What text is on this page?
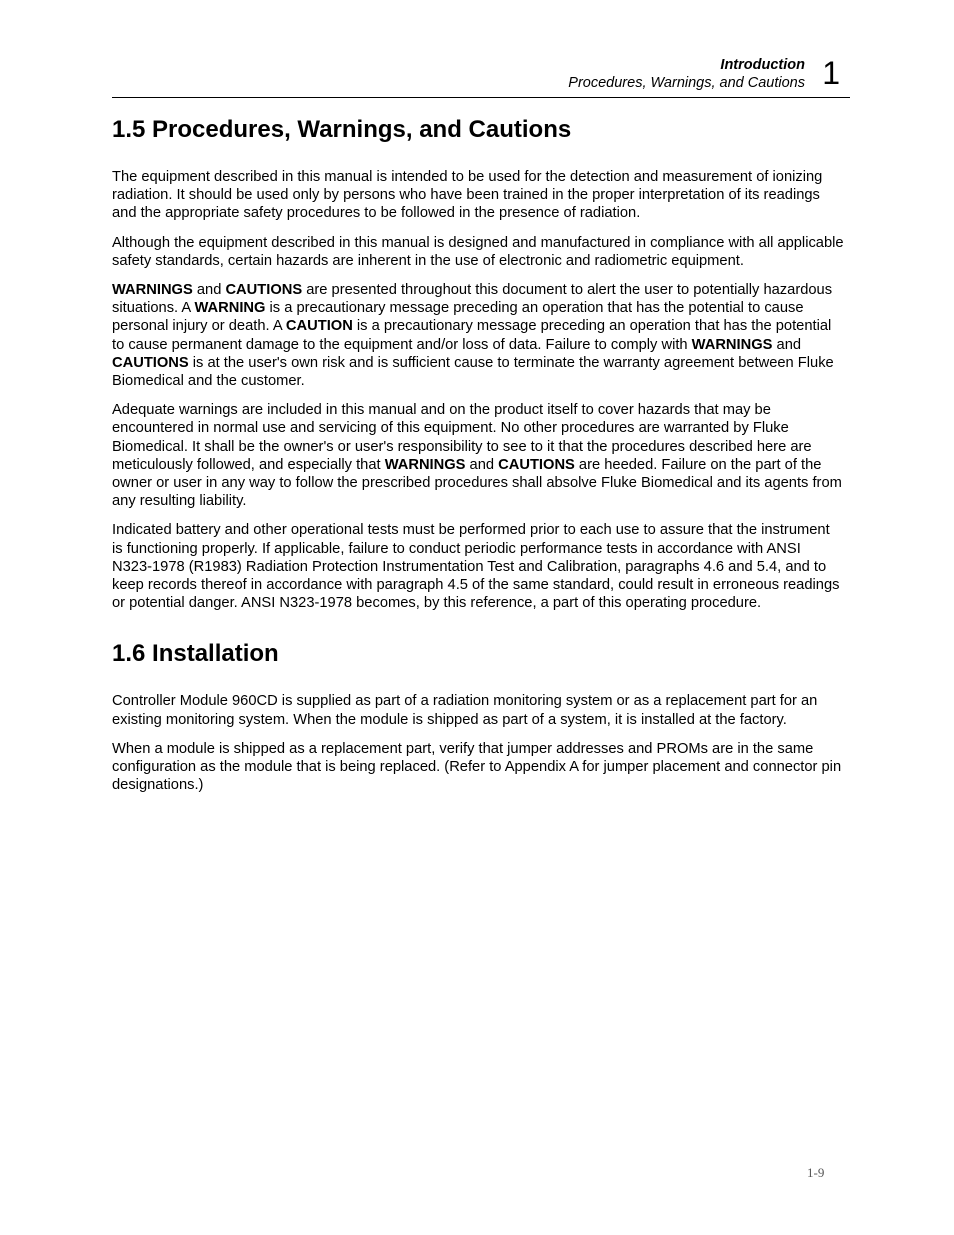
Introduction
Procedures, Warnings, and Cautions 1
1.5 Procedures, Warnings, and Cautions

The equipment described in this manual is intended to be used for the detection and measurement of ionizing radiation. It should be used only by persons who have been trained in the proper interpretation of its readings and the appropriate safety procedures to be followed in the presence of radiation.

Although the equipment described in this manual is designed and manufactured in compliance with all applicable safety standards, certain hazards are inherent in the use of electronic and radiometric equipment.

WARNINGS and CAUTIONS are presented throughout this document to alert the user to potentially hazardous situations. A WARNING is a precautionary message preceding an operation that has the potential to cause personal injury or death. A CAUTION is a precautionary message preceding an operation that has the potential to cause permanent damage to the equipment and/or loss of data. Failure to comply with WARNINGS and CAUTIONS is at the user's own risk and is sufficient cause to terminate the warranty agreement between Fluke Biomedical and the customer.

Adequate warnings are included in this manual and on the product itself to cover hazards that may be encountered in normal use and servicing of this equipment. No other procedures are warranted by Fluke Biomedical. It shall be the owner's or user's responsibility to see to it that the procedures described here are meticulously followed, and especially that WARNINGS and CAUTIONS are heeded. Failure on the part of the owner or user in any way to follow the prescribed procedures shall absolve Fluke Biomedical and its agents from any resulting liability.

Indicated battery and other operational tests must be performed prior to each use to assure that the instrument is functioning properly. If applicable, failure to conduct periodic performance tests in accordance with ANSI N323-1978 (R1983) Radiation Protection Instrumentation Test and Calibration, paragraphs 4.6 and 5.4, and to keep records thereof in accordance with paragraph 4.5 of the same standard, could result in erroneous readings or potential danger. ANSI N323-1978 becomes, by this reference, a part of this operating procedure.

1.6 Installation

Controller Module 960CD is supplied as part of a radiation monitoring system or as a replacement part for an existing monitoring system. When the module is shipped as part of a system, it is installed at the factory.

When a module is shipped as a replacement part, verify that jumper addresses and PROMs are in the same configuration as the module that is being replaced. (Refer to Appendix A for jumper placement and connector pin designations.)

1-9
